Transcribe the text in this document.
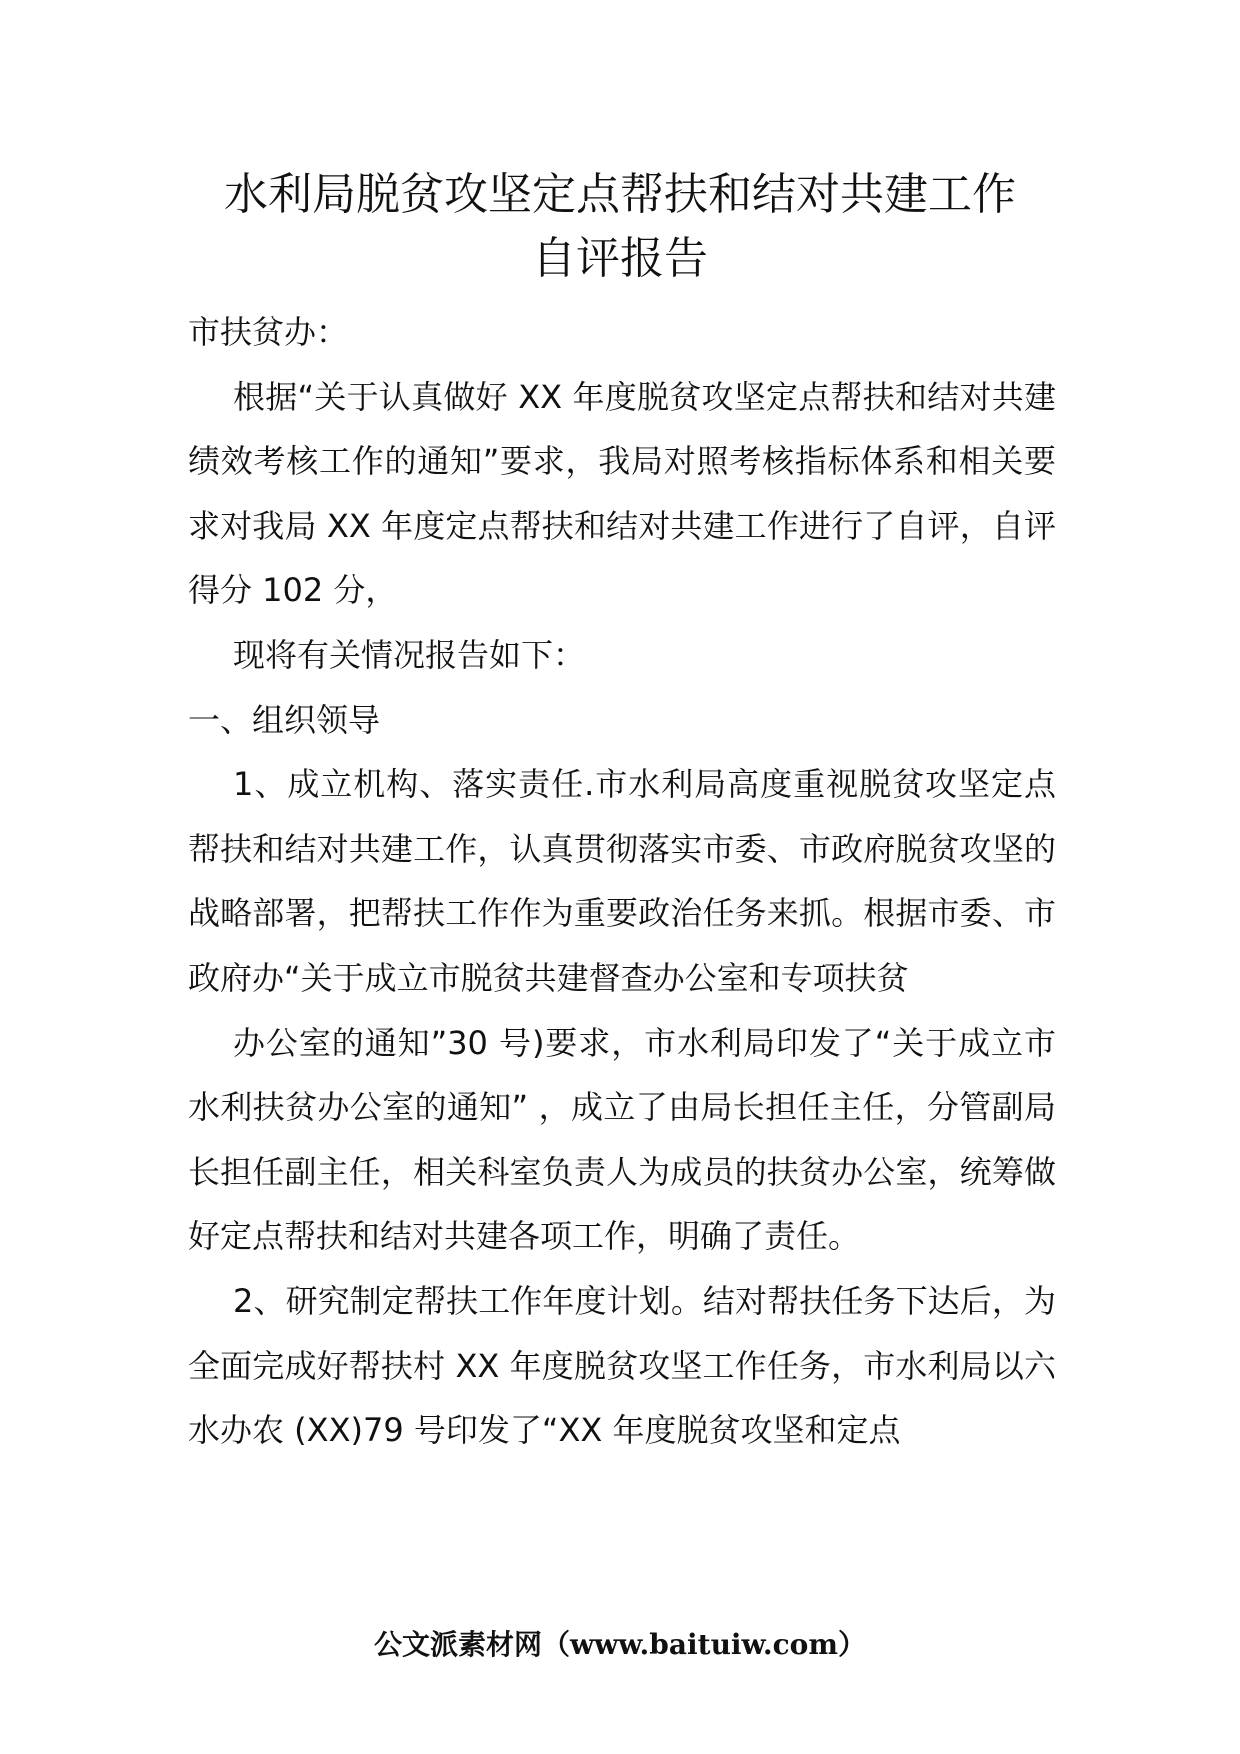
水利局脱贫攻坚定点帮扶和结对共建工作
自评报告

市扶贫办：

根据“关于认真做好 XX 年度脱贫攻坚定点帮扶和结对共建绩效考核工作的通知”要求，我局对照考核指标体系和相关要求对我局 XX 年度定点帮扶和结对共建工作进行了自评，自评得分 102 分，

现将有关情况报告如下：

一、组织领导

1、成立机构、落实责任.市水利局高度重视脱贫攻坚定点帮扶和结对共建工作，认真贯彻落实市委、市政府脱贫攻坚的战略部署，把帮扶工作作为重要政治任务来抓。根据市委、市政府办“关于成立市脱贫共建督查办公室和专项扶贫

办公室的通知”30 号)要求，市水利局印发了“关于成立市水利扶贫办公室的通知” ，成立了由局长担任主任，分管副局长担任副主任，相关科室负责人为成员的扶贫办公室，统筹做好定点帮扶和结对共建各项工作，明确了责任。

2、研究制定帮扶工作年度计划。结对帮扶任务下达后，为全面完成好帮扶村 XX 年度脱贫攻坚工作任务，市水利局以六水办农 (XX)79 号印发了“XX 年度脱贫攻坚和定点

公文派素材网（www.baituiw.com）
